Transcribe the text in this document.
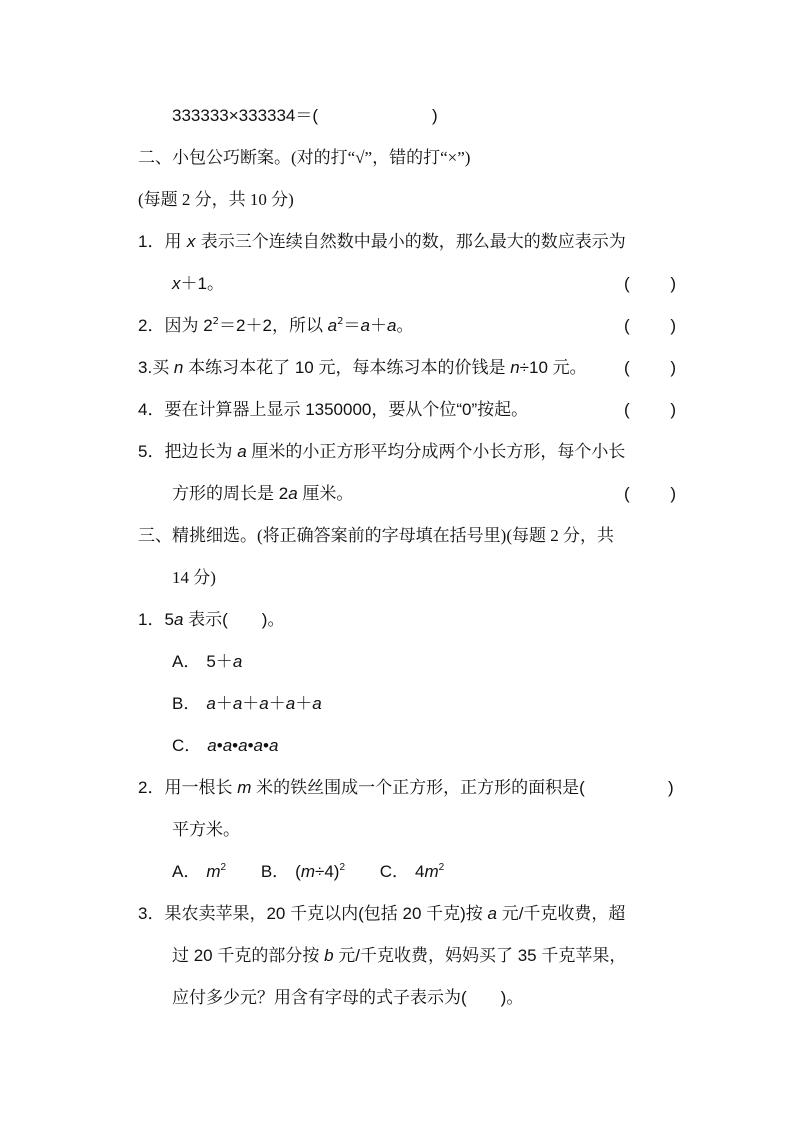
333333×333334＝(	)
二、小包公巧断案。(对的打“√”，错的打“×”)
(每题 2 分，共 10 分)
1．用 x 表示三个连续自然数中最小的数，那么最大的数应表示为
x＋1。	( )
2．因为 $2^2=2+2$，所以 $a^2=a+a$。	( )
3.买 n 本练习本花了 10 元，每本练习本的价钱是 n÷10 元。 ( )
4．要在计算器上显示 1350000，要从个位“0”按起。	( )
5．把边长为 a 厘米的小正方形平均分成两个小长方形，每个小长
方形的周长是 2a 厘米。	( )
三、精挑细选。(将正确答案前的字母填在括号里)(每题 2 分，共
14 分)
1．5a 表示(　　)。
A． 5＋a
B． a＋a＋a＋a＋a
C． a•a•a•a•a
2．用一根长 m 米的铁丝围成一个正方形，正方形的面积是(	)
平方米。
A． $m^2$ B． $(m\div 4)^2$ C． $4m^2$
3．果农卖苹果，20 千克以内(包括 20 千克)按 a 元/千克收费，超
过 20 千克的部分按 b 元/千克收费，妈妈买了 35 千克苹果，
应付多少元？用含有字母的式子表示为(　　)。
